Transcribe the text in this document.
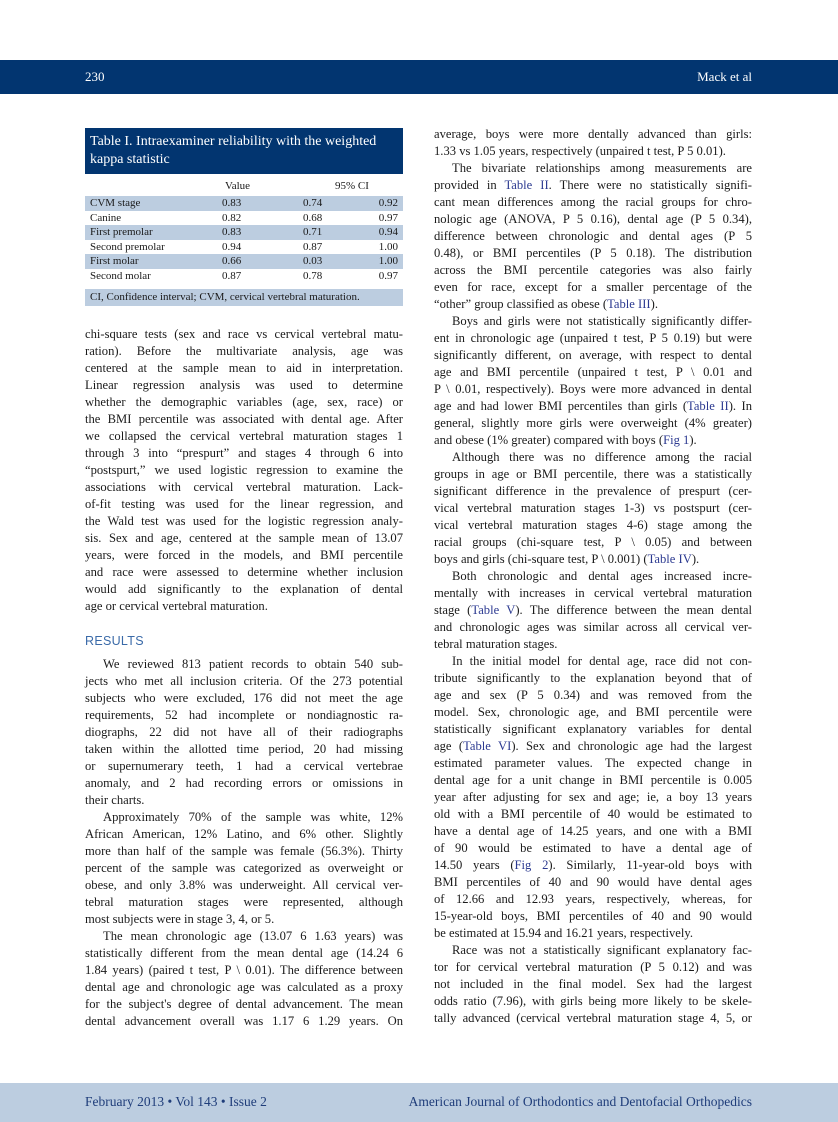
230	Mack et al
Table I. Intraexaminer reliability with the weighted kappa statistic
Value	95% CI
CVM stage	0.83	0.74	0.92
Canine	0.82	0.68	0.97
First premolar	0.83	0.71	0.94
Second premolar	0.94	0.87	1.00
First molar	0.66	0.03	1.00
Second molar	0.87	0.78	0.97
CI, Confidence interval; CVM, cervical vertebral maturation.
chi-square tests (sex and race vs cervical vertebral matu-
ration). Before the multivariate analysis, age was
centered at the sample mean to aid in interpretation.
Linear regression analysis was used to determine
whether the demographic variables (age, sex, race) or
the BMI percentile was associated with dental age. After
we collapsed the cervical vertebral maturation stages 1
through 3 into “prespurt” and stages 4 through 6 into
“postspurt,” we used logistic regression to examine the
associations with cervical vertebral maturation. Lack-
of-fit testing was used for the linear regression, and
the Wald test was used for the logistic regression analy-
sis. Sex and age, centered at the sample mean of 13.07
years, were forced in the models, and BMI percentile
and race were assessed to determine whether inclusion
would add significantly to the explanation of dental
age or cervical vertebral maturation.
RESULTS
We reviewed 813 patient records to obtain 540 sub-
jects who met all inclusion criteria. Of the 273 potential
subjects who were excluded, 176 did not meet the age
requirements, 52 had incomplete or nondiagnostic ra-
diographs, 22 did not have all of their radiographs
taken within the allotted time period, 20 had missing
or supernumerary teeth, 1 had a cervical vertebrae
anomaly, and 2 had recording errors or omissions in
their charts.
Approximately 70% of the sample was white, 12%
African American, 12% Latino, and 6% other. Slightly
more than half of the sample was female (56.3%). Thirty
percent of the sample was categorized as overweight or
obese, and only 3.8% was underweight. All cervical ver-
tebral maturation stages were represented, although
most subjects were in stage 3, 4, or 5.
The mean chronologic age (13.07 6 1.63 years) was
statistically different from the mean dental age (14.24 6
1.84 years) (paired t test, P \ 0.01). The difference between
dental age and chronologic age was calculated as a proxy
for the subject's degree of dental advancement. The mean
dental advancement overall was 1.17 6 1.29 years. On
average, boys were more dentally advanced than girls:
1.33 vs 1.05 years, respectively (unpaired t test, P 5 0.01).
The bivariate relationships among measurements are
provided in Table II. There were no statistically signifi-
cant mean differences among the racial groups for chro-
nologic age (ANOVA, P 5 0.16), dental age (P 5 0.34),
difference between chronologic and dental ages (P 5
0.48), or BMI percentiles (P 5 0.18). The distribution
across the BMI percentile categories was also fairly
even for race, except for a smaller percentage of the
“other” group classified as obese (Table III).
Boys and girls were not statistically significantly differ-
ent in chronologic age (unpaired t test, P 5 0.19) but were
significantly different, on average, with respect to dental
age and BMI percentile (unpaired t test, P \ 0.01 and
P \ 0.01, respectively). Boys were more advanced in dental
age and had lower BMI percentiles than girls (Table II). In
general, slightly more girls were overweight (4% greater)
and obese (1% greater) compared with boys (Fig 1).
Although there was no difference among the racial
groups in age or BMI percentile, there was a statistically
significant difference in the prevalence of prespurt (cer-
vical vertebral maturation stages 1-3) vs postspurt (cer-
vical vertebral maturation stages 4-6) stage among the
racial groups (chi-square test, P \ 0.05) and between
boys and girls (chi-square test, P \ 0.001) (Table IV).
Both chronologic and dental ages increased incre-
mentally with increases in cervical vertebral maturation
stage (Table V). The difference between the mean dental
and chronologic ages was similar across all cervical ver-
tebral maturation stages.
In the initial model for dental age, race did not con-
tribute significantly to the explanation beyond that of
age and sex (P 5 0.34) and was removed from the
model. Sex, chronologic age, and BMI percentile were
statistically significant explanatory variables for dental
age (Table VI). Sex and chronologic age had the largest
estimated parameter values. The expected change in
dental age for a unit change in BMI percentile is 0.005
year after adjusting for sex and age; ie, a boy 13 years
old with a BMI percentile of 40 would be estimated to
have a dental age of 14.25 years, and one with a BMI
of 90 would be estimated to have a dental age of
14.50 years (Fig 2). Similarly, 11-year-old boys with
BMI percentiles of 40 and 90 would have dental ages
of 12.66 and 12.93 years, respectively, whereas, for
15-year-old boys, BMI percentiles of 40 and 90 would
be estimated at 15.94 and 16.21 years, respectively.
Race was not a statistically significant explanatory fac-
tor for cervical vertebral maturation (P 5 0.12) and was
not included in the final model. Sex had the largest
odds ratio (7.96), with girls being more likely to be skele-
tally advanced (cervical vertebral maturation stage 4, 5, or
February 2013 • Vol 143 • Issue 2	American Journal of Orthodontics and Dentofacial Orthopedics
